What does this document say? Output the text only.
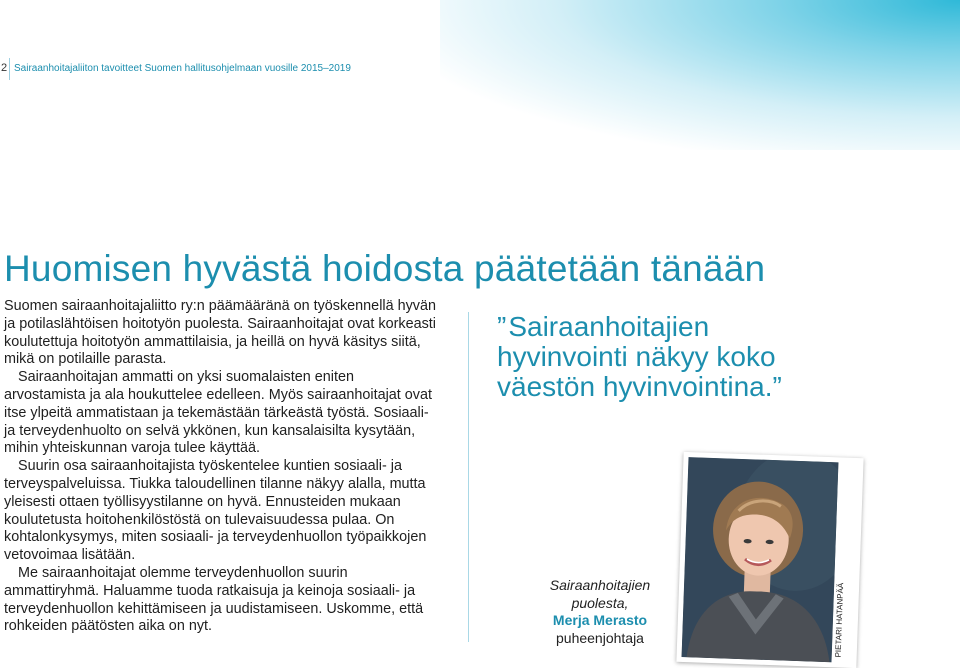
2 Sairaanhoitajaliiton tavoitteet Suomen hallitusohjelmaan vuosille 2015–2019
Huomisen hyvästä hoidosta päätetään tänään

Suomen sairaanhoitajaliitto ry:n päämääränä on työskennellä hyvän ja potilaslähtöisen hoitotyön puolesta. Sairaanhoitajat ovat korkeasti koulutettuja hoitotyön ammattilaisia, ja heillä on hyvä käsitys siitä, mikä on potilaille parasta.

Sairaanhoitajan ammatti on yksi suomalaisten eniten arvostamista ja ala houkuttelee edelleen. Myös sairaanhoitajat ovat itse ylpeitä ammatistaan ja tekemästään tärkeästä työstä. Sosiaali- ja terveydenhuolto on selvä ykkönen, kun kansalaisilta kysytään, mihin yhteiskunnan varoja tulee käyttää.

Suurin osa sairaanhoitajista työskentelee kuntien sosiaali- ja terveyspalveluissa. Tiukka taloudellinen tilanne näkyy alalla, mutta yleisesti ottaen työllisyystilanne on hyvä. Ennusteiden mukaan koulutetusta hoitohenkilöstöstä on tulevaisuudessa pulaa. On kohtalonkysymys, miten sosiaali- ja terveydenhuollon työpaikkojen vetovoimaa lisätään.

Me sairaanhoitajat olemme terveydenhuollon suurin ammattiryhmä. Haluamme tuoda ratkaisuja ja keinoja sosiaali- ja terveydenhuollon kehittämiseen ja uudistamiseen. Uskomme, että rohkeiden päätösten aika on nyt.

”Sairaanhoitajien hyvinvointi näkyy koko väestön hyvinvointina.”
Sairaanhoitajien
puolesta,
Merja Merasto
puheenjohtaja	PIETARI HATANPÄÄ
